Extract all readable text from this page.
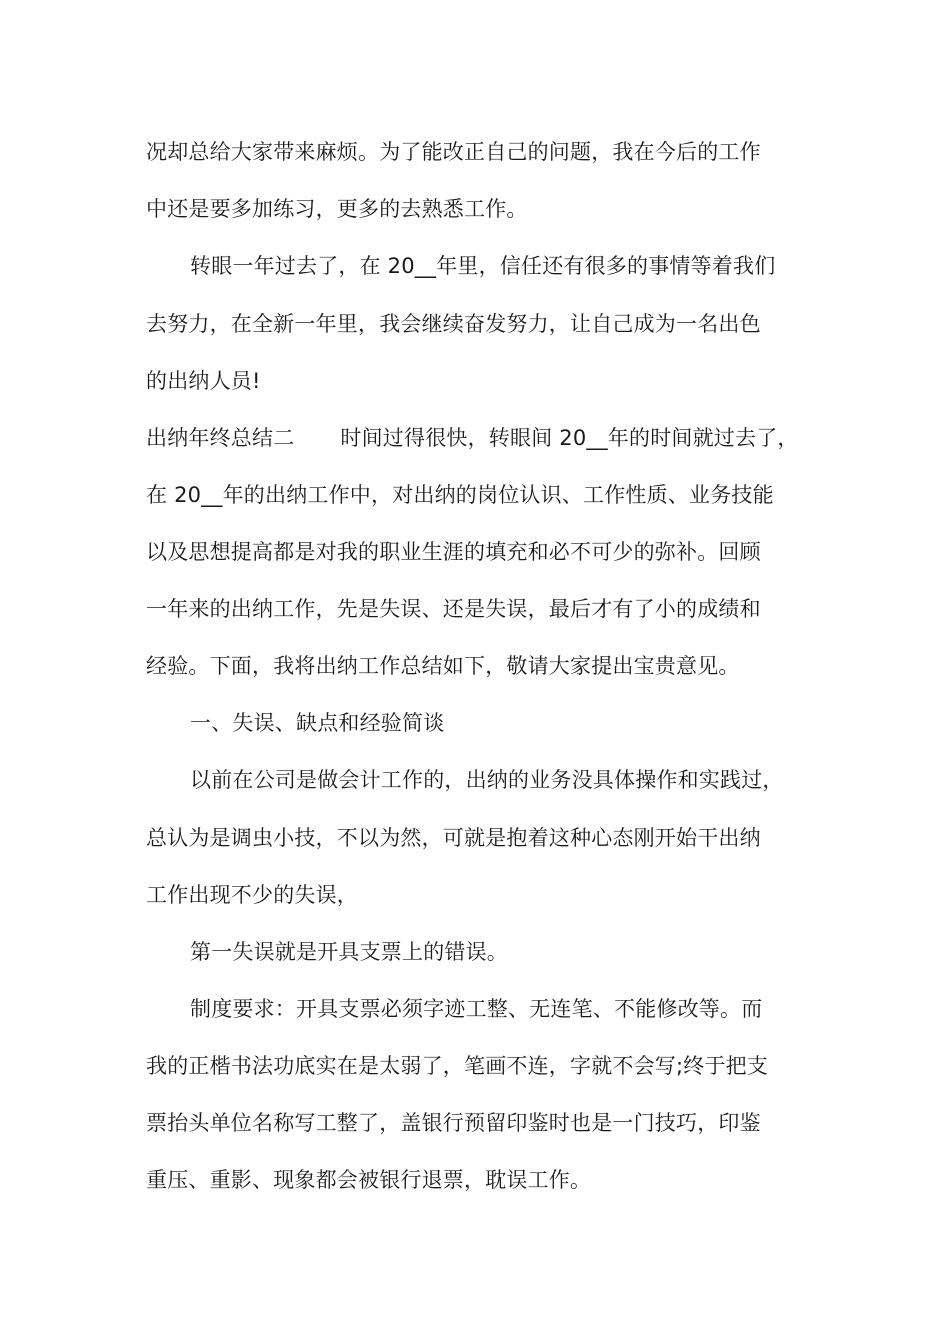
况却总给大家带来麻烦。为了能改正自己的问题，我在今后的工作
中还是要多加练习，更多的去熟悉工作。
转眼一年过去了，在 20__年里，信任还有很多的事情等着我们
去努力，在全新一年里，我会继续奋发努力，让自己成为一名出色
的出纳人员!
出纳年终总结二 时间过得很快，转眼间 20__年的时间就过去了，
在 20__年的出纳工作中，对出纳的岗位认识、工作性质、业务技能
以及思想提高都是对我的职业生涯的填充和必不可少的弥补。回顾
一年来的出纳工作，先是失误、还是失误，最后才有了小的成绩和
经验。下面，我将出纳工作总结如下，敬请大家提出宝贵意见。
一、失误、缺点和经验简谈
以前在公司是做会计工作的，出纳的业务没具体操作和实践过，
总认为是调虫小技，不以为然，可就是抱着这种心态刚开始干出纳
工作出现不少的失误，
第一失误就是开具支票上的错误。
制度要求：开具支票必须字迹工整、无连笔、不能修改等。而
我的正楷书法功底实在是太弱了，笔画不连，字就不会写;终于把支
票抬头单位名称写工整了，盖银行预留印鉴时也是一门技巧，印鉴
重压、重影、现象都会被银行退票，耽误工作。
